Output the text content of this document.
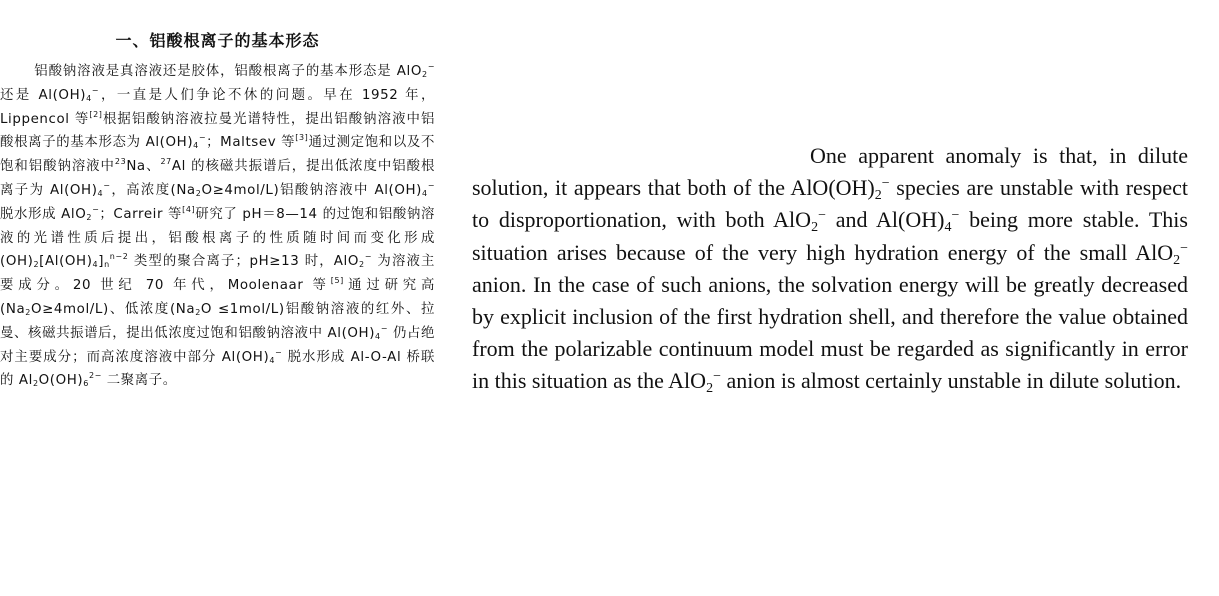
一、铝酸根离子的基本形态

铝酸钠溶液是真溶液还是胶体，铝酸根离子的基本形态是 AlO$_2$− 还是 $Al(OH)_4^-$，一直是人们争论不休的问题。早在 1952 年，Lippencol 等[2]根据铝酸钠溶液拉曼光谱特性，提出铝酸钠溶液中铝酸根离子的基本形态为 $Al(OH)_4^-$；Maltsev 等[3]通过测定饱和以及不饱和铝酸钠溶液中$^{23}$Na、$^{27}$Al 的核磁共振谱后，提出低浓度中铝酸根离子为 $Al(OH)_4^-$，高浓度$(Na_2O\ge 4mol/L)$铝酸钠溶液中 $Al(OH)_4^-$ 脱水形成 AlO$_2$−；Carreir 等[4]研究了 pH＝8—14 的过饱和铝酸钠溶液的光谱性质后提出，铝酸根离子的性质随时间而变化形成$(OH)_2[Al(OH)_4]_n^{n-2}$ 类型的聚合离子；pH≥13 时，AlO$_2$− 为溶液主要成分。20 世纪 70 年代，Moolenaar 等[5]通过研究高$(Na_2O\ge 4mol/L)$、低浓度$(Na_2O \le 1mol/L)$铝酸钠溶液的红外、拉曼、核磁共振谱后，提出低浓度过饱和铝酸钠溶液中 $Al(OH)_4^-$ 仍占绝对主要成分；而高浓度溶液中部分 $Al(OH)_4^-$ 脱水形成 Al-O-Al 桥联的 $Al_2O(OH)_6^{2-}$ 二聚离子。

One apparent anomaly is that, in dilute solution, it appears that both of the $AlO(OH)_2^-$ species are unstable with respect to disproportionation, with both AlO$_2$− and $Al(OH)_4^-$ being more stable. This situation arises because of the very high hydration energy of the small AlO$_2$− anion. In the case of such anions, the solvation energy will be greatly decreased by explicit inclusion of the first hydration shell, and therefore the value obtained from the polarizable continuum model must be regarded as significantly in error in this situation as the AlO$_2$− anion is almost certainly unstable in dilute solution.
